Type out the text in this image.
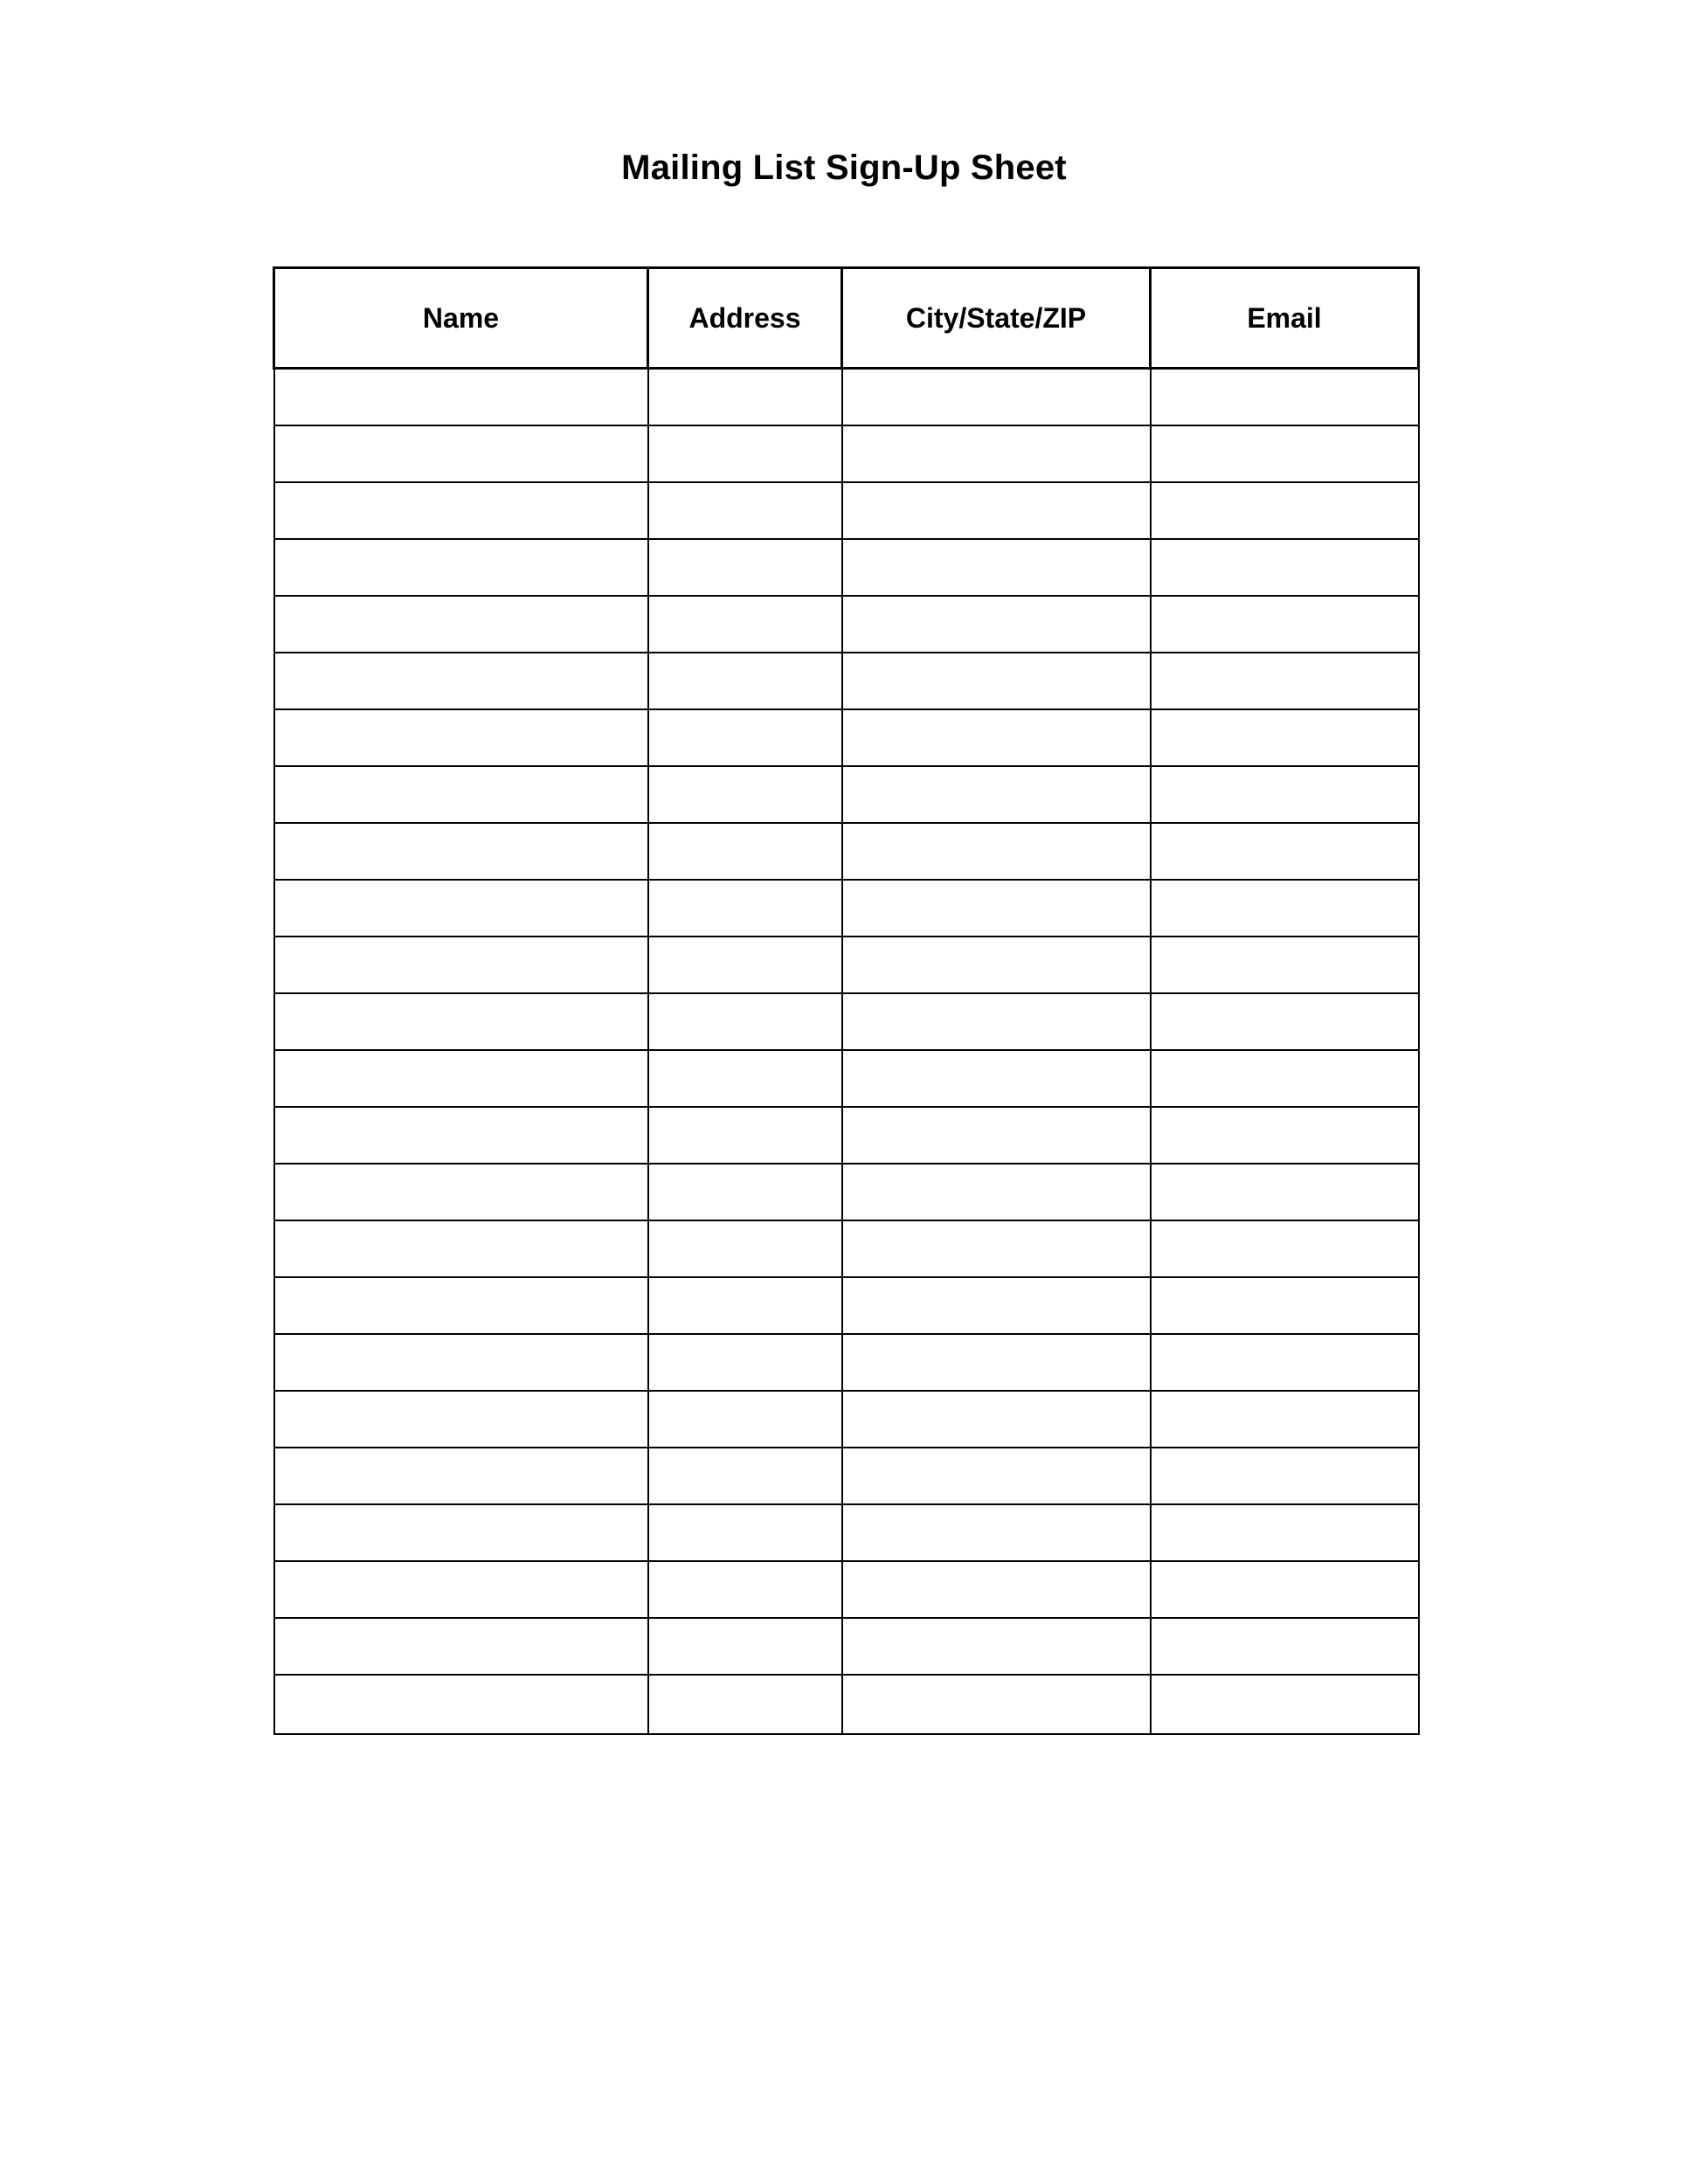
Mailing List Sign-Up Sheet
Name	Address	City/State/ZIP	Email
